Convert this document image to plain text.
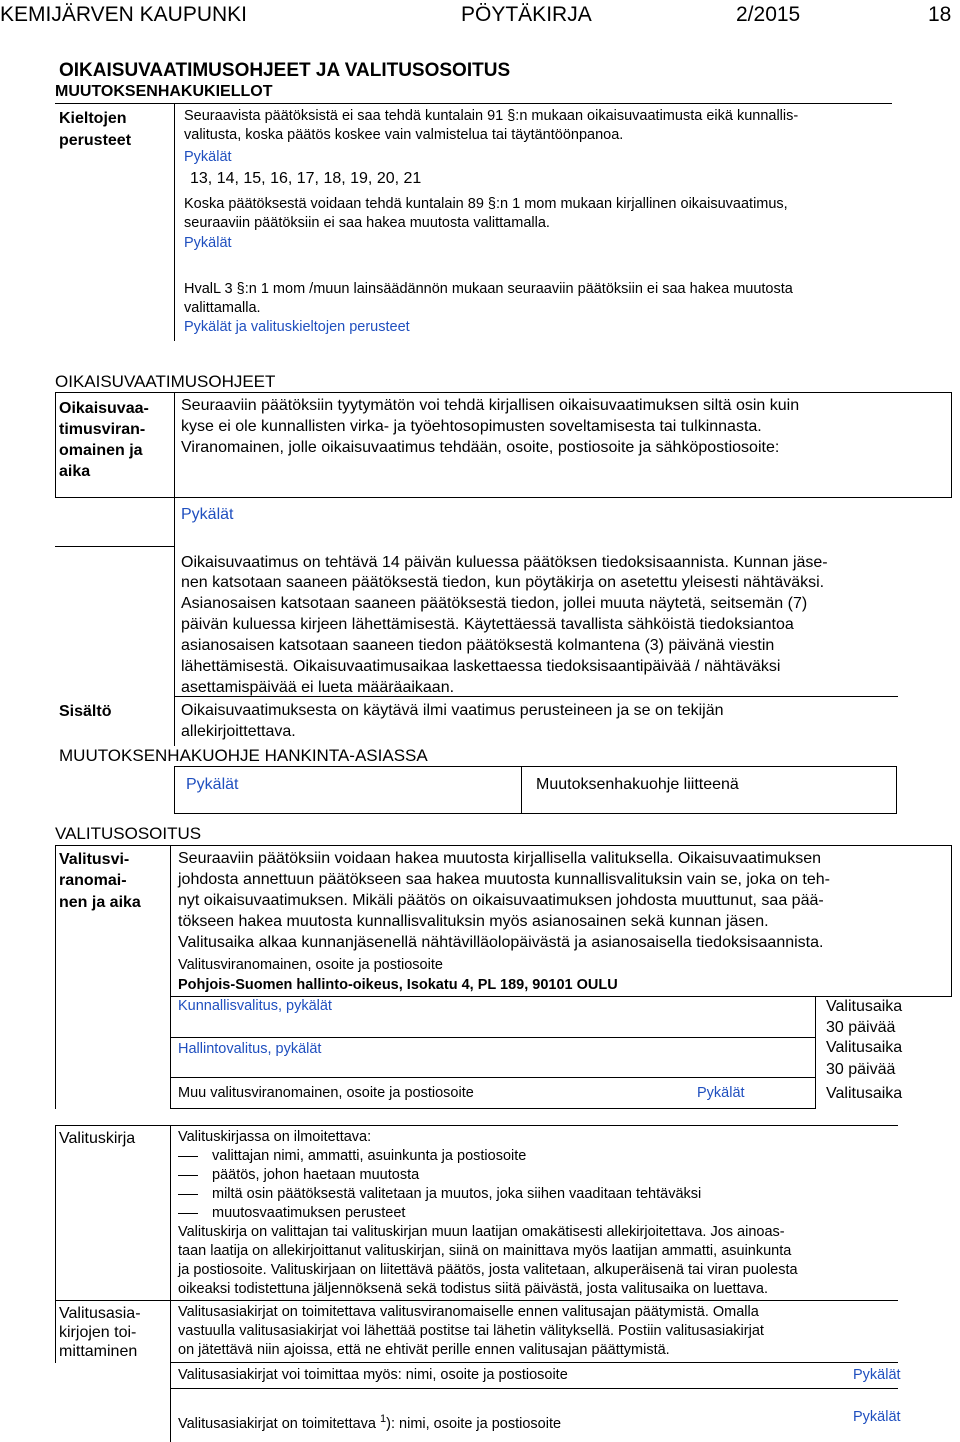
KEMIJÄRVEN KAUPUNKI	PÖYTÄKIRJA	2/2015	18
OIKAISUVAATIMUSOHJEET JA VALITUSOSOITUS
MUUTOKSENHAKUKIELLOT
Kieltojen
perusteet
Seuraavista päätöksistä ei saa tehdä kuntalain 91 §:n mukaan oikaisuvaatimusta eikä kunnallis-
valitusta, koska päätös koskee vain valmistelua tai täytäntöönpanoa.
Pykälät
13, 14, 15, 16, 17, 18, 19, 20, 21
Koska päätöksestä voidaan tehdä kuntalain 89 §:n 1 mom mukaan kirjallinen oikaisuvaatimus,
seuraaviin päätöksiin ei saa hakea muutosta valittamalla.
Pykälät
HvalL 3 §:n 1 mom /muun lainsäädännön mukaan seuraaviin päätöksiin ei saa hakea muutosta
valittamalla.
Pykälät ja valituskieltojen perusteet
OIKAISUVAATIMUSOHJEET
Oikaisuvaa-
timusviran-
omainen ja
aika
Seuraaviin päätöksiin tyytymätön voi tehdä kirjallisen oikaisuvaatimuksen siltä osin kuin
kyse ei ole kunnallisten virka- ja työehtosopimusten soveltamisesta tai tulkinnasta.
Viranomainen, jolle oikaisuvaatimus tehdään, osoite, postiosoite ja sähköpostiosoite:
Pykälät
Oikaisuvaatimus on tehtävä 14 päivän kuluessa päätöksen tiedoksisaannista. Kunnan jäse-
nen katsotaan saaneen päätöksestä tiedon, kun pöytäkirja on asetettu yleisesti nähtäväksi.
Asianosaisen katsotaan saaneen päätöksestä tiedon, jollei muuta näytetä, seitsemän (7)
päivän kuluessa kirjeen lähettämisestä. Käytettäessä tavallista sähköistä tiedoksiantoa
asianosaisen katsotaan saaneen tiedon päätöksestä kolmantena (3) päivänä viestin
lähettämisestä. Oikaisuvaatimusaikaa laskettaessa tiedoksisaantipäivää / nähtäväksi
asettamispäivää ei lueta määräaikaan.
Sisältö	Oikaisuvaatimuksesta on käytävä ilmi vaatimus perusteineen ja se on tekijän
allekirjoittettava.
MUUTOKSENHAKUOHJE HANKINTA-ASIASSA
Pykälät	Muutoksenhakuohje liitteenä
VALITUSOSOITUS
Valitusvi-
ranomai-
nen ja aika
Seuraaviin päätöksiin voidaan hakea muutosta kirjallisella valituksella. Oikaisuvaatimuksen
johdosta annettuun päätökseen saa hakea muutosta kunnallisvalituksin vain se, joka on teh-
nyt oikaisuvaatimuksen. Mikäli päätös on oikaisuvaatimuksen johdosta muuttunut, saa pää-
tökseen hakea muutosta kunnallisvalituksin myös asianosainen sekä kunnan jäsen.
Valitusaika alkaa kunnanjäsenellä nähtävilläolopäivästä ja asianosaisella tiedoksisaannista.
Valitusviranomainen, osoite ja postiosoite
Pohjois-Suomen hallinto-oikeus, Isokatu 4, PL 189, 90101 OULU
Kunnallisvalitus, pykälät	Valitusaika
30 päivää
Hallintovalitus, pykälät	Valitusaika
30 päivää
Muu valitusviranomainen, osoite ja postiosoite	Pykälät	Valitusaika
Valituskirja	Valituskirjassa on ilmoitettava:
valittajan nimi, ammatti, asuinkunta ja postiosoite
päätös, johon haetaan muutosta
miltä osin päätöksestä valitetaan ja muutos, joka siihen vaaditaan tehtäväksi
muutosvaatimuksen perusteet
Valituskirja on valittajan tai valituskirjan muun laatijan omakätisesti allekirjoitettava. Jos ainoas-
taan laatija on allekirjoittanut valituskirjan, siinä on mainittava myös laatijan ammatti, asuinkunta
ja postiosoite. Valituskirjaan on liitettävä päätös, josta valitetaan, alkuperäisenä tai viran puolesta
oikeaksi todistettuna jäljennöksenä sekä todistus siitä päivästä, josta valitusaika on luettava.
Valitusasia-
kirjojen toi-
mittaminen
Valitusasiakirjat on toimitettava valitusviranomaiselle ennen valitusajan päätymistä. Omalla
vastuulla valitusasiakirjat voi lähettää postitse tai lähetin välityksellä. Postiin valitusasiakirjat
on jätettävä niin ajoissa, että ne ehtivät perille ennen valitusajan päättymistä.
Valitusasiakirjat voi toimittaa myös: nimi, osoite ja postiosoite	Pykälät
Valitusasiakirjat on toimitettava $^1$): nimi, osoite ja postiosoite	Pykälät
